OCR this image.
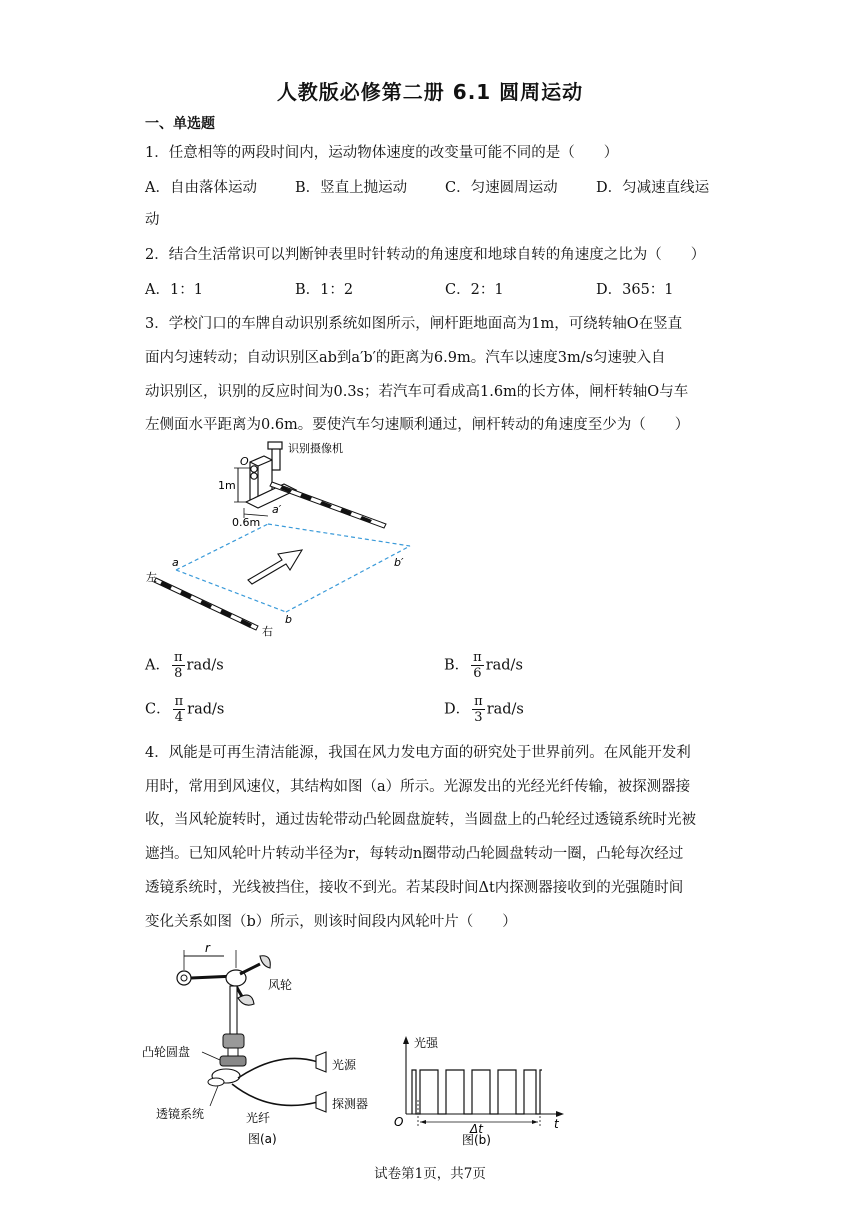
人教版必修第二册 6.1 圆周运动
一、单选题
1．任意相等的两段时间内，运动物体速度的改变量可能不同的是（　　）
A．自由落体运动	B．竖直上抛运动	C．匀速圆周运动	D．匀减速直线运
动
2．结合生活常识可以判断钟表里时针转动的角速度和地球自转的角速度之比为（　　）
A．1：1	B．1：2	C．2：1	D．365：1
3．学校门口的车牌自动识别系统如图所示，闸杆距地面高为1m，可绕转轴O在竖直
面内匀速转动；自动识别区ab到a′b′的距离为6.9m。汽车以速度3m/s匀速驶入自
动识别区，识别的反应时间为0.3s；若汽车可看成高1.6m的长方体，闸杆转轴O与车
左侧面水平距离为0.6m。要使汽车匀速顺利通过，闸杆转动的角速度至少为（　　）
识别摄像机
O
1m
0.6m
a′
a	b′
b
左
右
A． $\frac{\pi}{8} rad/s$	B． $\frac{\pi}{6} rad/s$
C． $\frac{\pi}{4} rad/s$	D． $\frac{\pi}{3} rad/s$
4．风能是可再生清洁能源，我国在风力发电方面的研究处于世界前列。在风能开发利
用时，常用到风速仪，其结构如图（a）所示。光源发出的光经光纤传输，被探测器接
收，当风轮旋转时，通过齿轮带动凸轮圆盘旋转，当圆盘上的凸轮经过透镜系统时光被
遮挡。已知风轮叶片转动半径为r，每转动n圈带动凸轮圆盘转动一圈，凸轮每次经过
透镜系统时，光线被挡住，接收不到光。若某段时间Δt内探测器接收到的光强随时间
变化关系如图（b）所示，则该时间段内风轮叶片（　　）
r
风轮
凸轮圆盘
光源
探测器
透镜系统	光纤
图(a)
光强
O	t
Δt
图(b)
试卷第1页，共7页
